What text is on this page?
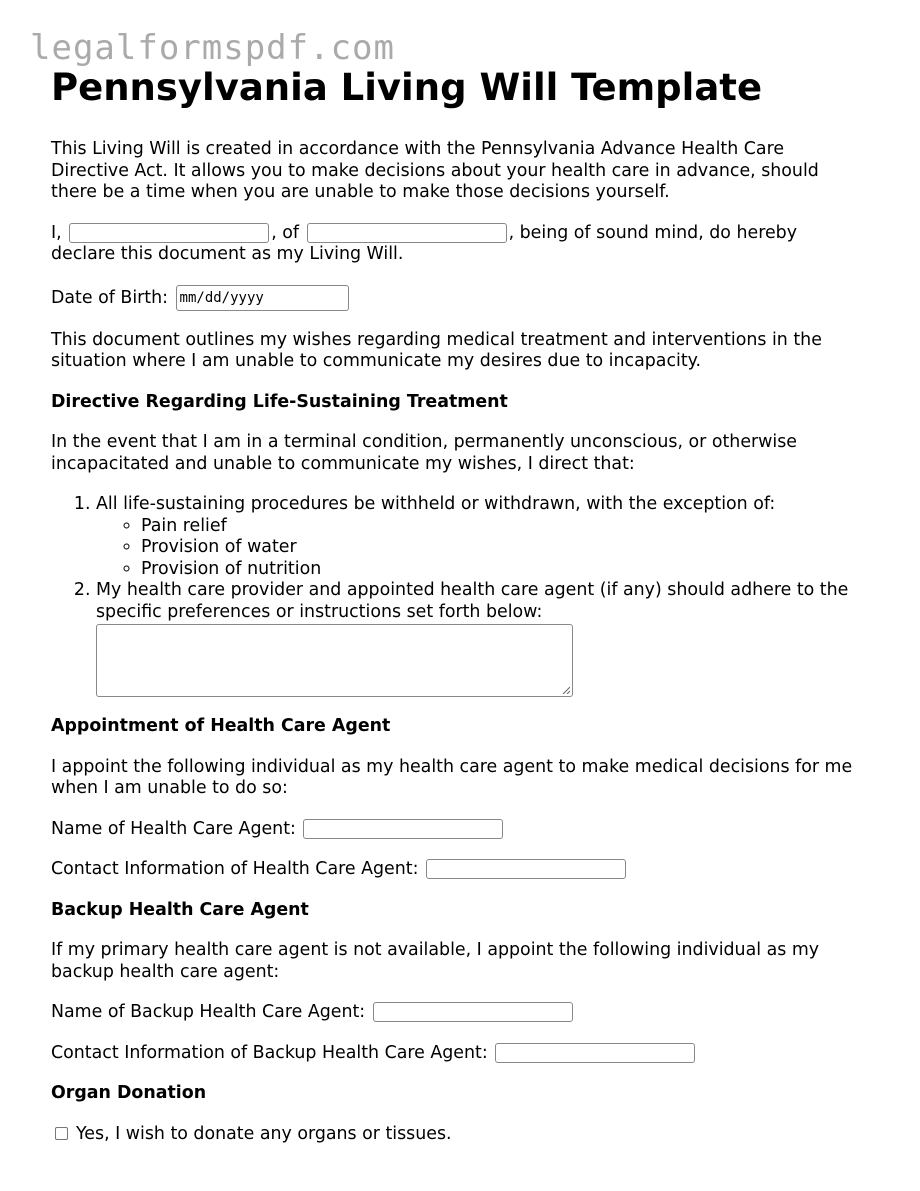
legalformspdf.com
Pennsylvania Living Will Template

This Living Will is created in accordance with the Pennsylvania Advance Health Care Directive Act. It allows you to make decisions about your health care in advance, should there be a time when you are unable to make those decisions yourself.

I,	, of	, being of sound mind, do hereby declare this document as my Living Will.

Date of Birth: mm/dd/yyyy

This document outlines my wishes regarding medical treatment and interventions in the situation where I am unable to communicate my desires due to incapacity.

Directive Regarding Life-Sustaining Treatment

In the event that I am in a terminal condition, permanently unconscious, or otherwise incapacitated and unable to communicate my wishes, I direct that:

1. All life-sustaining procedures be withheld or withdrawn, with the exception of:
◦ Pain relief
◦ Provision of water
◦ Provision of nutrition
2. My health care provider and appointed health care agent (if any) should adhere to the specific preferences or instructions set forth below:
Appointment of Health Care Agent

I appoint the following individual as my health care agent to make medical decisions for me when I am unable to do so:

Name of Health Care Agent:

Contact Information of Health Care Agent:

Backup Health Care Agent

If my primary health care agent is not available, I appoint the following individual as my backup health care agent:

Name of Backup Health Care Agent:

Contact Information of Backup Health Care Agent:

Organ Donation

Yes, I wish to donate any organs or tissues.
